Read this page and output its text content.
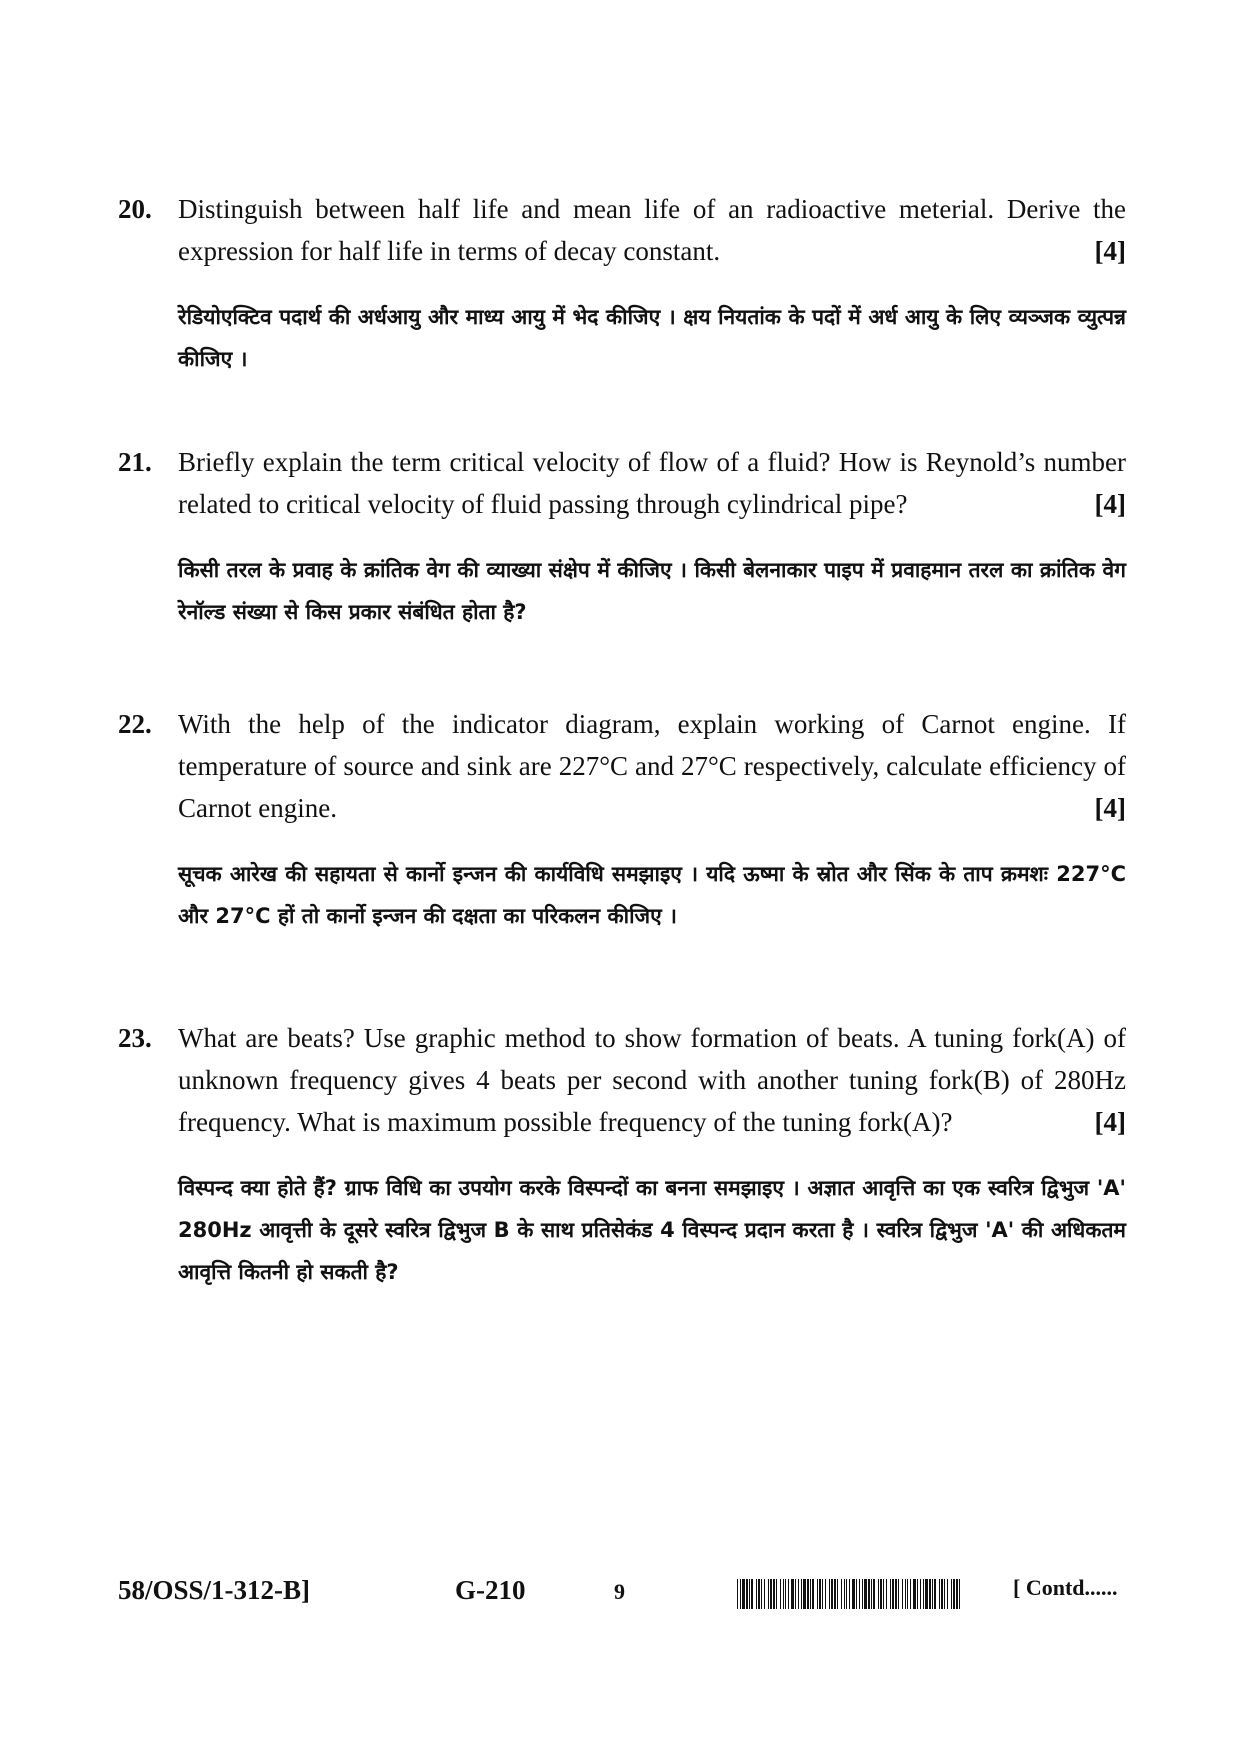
20. Distinguish between half life and mean life of an radioactive meterial. Derive the expression for half life in terms of decay constant.	[4]
रेडियोएक्टिव पदार्थ की अर्धआयु और माध्य आयु में भेद कीजिए । क्षय नियतांक के पदों में अर्ध आयु के लिए व्यञ्जक व्युत्पन्न कीजिए ।
21. Briefly explain the term critical velocity of flow of a fluid? How is Reynold’s number related to critical velocity of fluid passing through cylindrical pipe?	[4]
किसी तरल के प्रवाह के क्रांतिक वेग की व्याख्या संक्षेप में कीजिए । किसी बेलनाकार पाइप में प्रवाहमान तरल का क्रांतिक वेग रेनॉल्ड संख्या से किस प्रकार संबंधित होता है?
22. With the help of the indicator diagram, explain working of Carnot engine. If temperature of source and sink are 227°C and 27°C respectively, calculate efficiency of Carnot engine.	[4]
सूचक आरेख की सहायता से कार्नो इन्जन की कार्यविधि समझाइए । यदि ऊष्मा के स्रोत और सिंक के ताप क्रमशः 227°C और 27°C हों तो कार्नो इन्जन की दक्षता का परिकलन कीजिए ।
23. What are beats? Use graphic method to show formation of beats. A tuning fork(A) of unknown frequency gives 4 beats per second with another tuning fork(B) of 280Hz frequency. What is maximum possible frequency of the tuning fork(A)?	[4]
विस्पन्द क्या होते हैं? ग्राफ विधि का उपयोग करके विस्पन्दों का बनना समझाइए । अज्ञात आवृत्ति का एक स्वरित्र द्विभुज 'A' 280Hz आवृत्ती के दूसरे स्वरित्र द्विभुज B के साथ प्रतिसेकंड 4 विस्पन्द प्रदान करता है । स्वरित्र द्विभुज 'A' की अधिकतम आवृत्ति कितनी हो सकती है?
58/OSS/1-312-B]	G-210	9	[ Contd......
